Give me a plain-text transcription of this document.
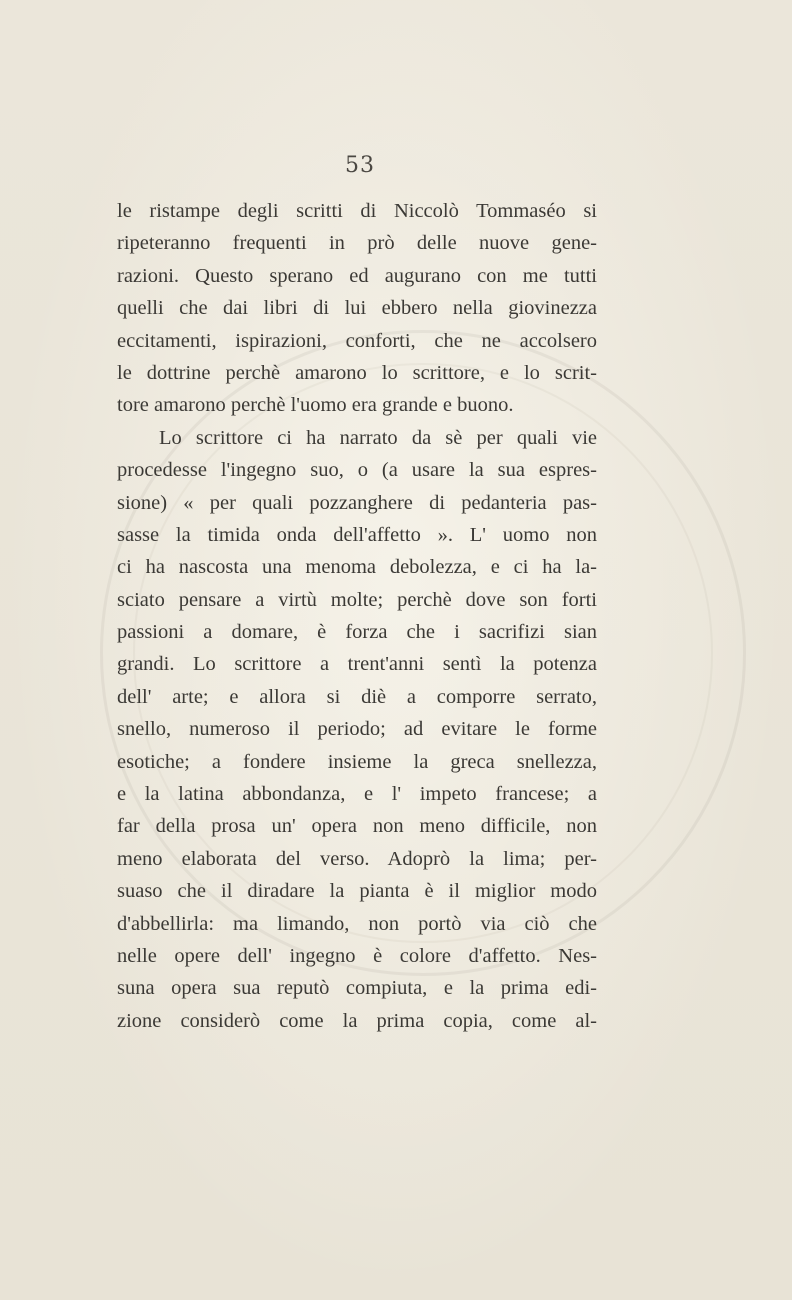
53
le ristampe degli scritti di Niccolò Tommaséo si
ripeteranno frequenti in prò delle nuove gene-
razioni. Questo sperano ed augurano con me tutti
quelli che dai libri di lui ebbero nella giovinezza
eccitamenti, ispirazioni, conforti, che ne accolsero
le dottrine perchè amarono lo scrittore, e lo scrit-
tore amarono perchè l'uomo era grande e buono.
Lo scrittore ci ha narrato da sè per quali vie
procedesse l'ingegno suo, o (a usare la sua espres-
sione) « per quali pozzanghere di pedanteria pas-
sasse la timida onda dell'affetto ». L' uomo non
ci ha nascosta una menoma debolezza, e ci ha la-
sciato pensare a virtù molte; perchè dove son forti
passioni a domare, è forza che i sacrifizi sian
grandi. Lo scrittore a trent'anni sentì la potenza
dell' arte; e allora si diè a comporre serrato,
snello, numeroso il periodo; ad evitare le forme
esotiche; a fondere insieme la greca snellezza,
e la latina abbondanza, e l' impeto francese; a
far della prosa un' opera non meno difficile, non
meno elaborata del verso. Adoprò la lima; per-
suaso che il diradare la pianta è il miglior modo
d'abbellirla: ma limando, non portò via ciò che
nelle opere dell' ingegno è colore d'affetto. Nes-
suna opera sua reputò compiuta, e la prima edi-
zione considerò come la prima copia, come al-
